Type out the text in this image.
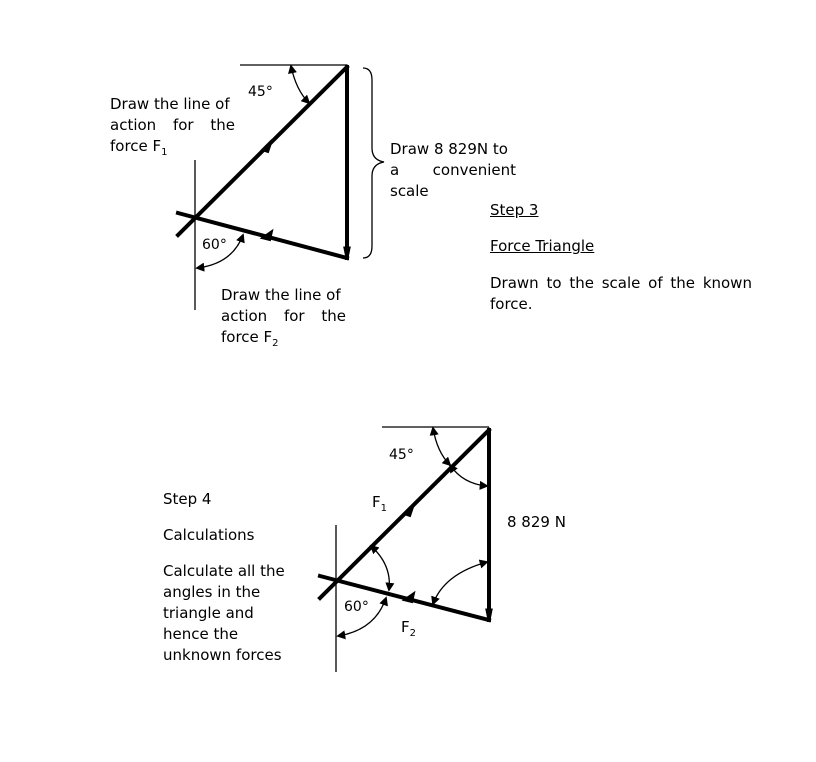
45°
60°
45°
60°
Draw the line of
action for the
force $F_1$
Draw the line of
action for the
force $F_2$
Draw 8 829N to
a convenient
scale
Step 3
Force Triangle
Drawn to the scale of the known
force.
Step 4
Calculations
Calculate all the
angles in the
triangle and
hence the
unknown forces
$F_1$
$F_2$
8 829 N
